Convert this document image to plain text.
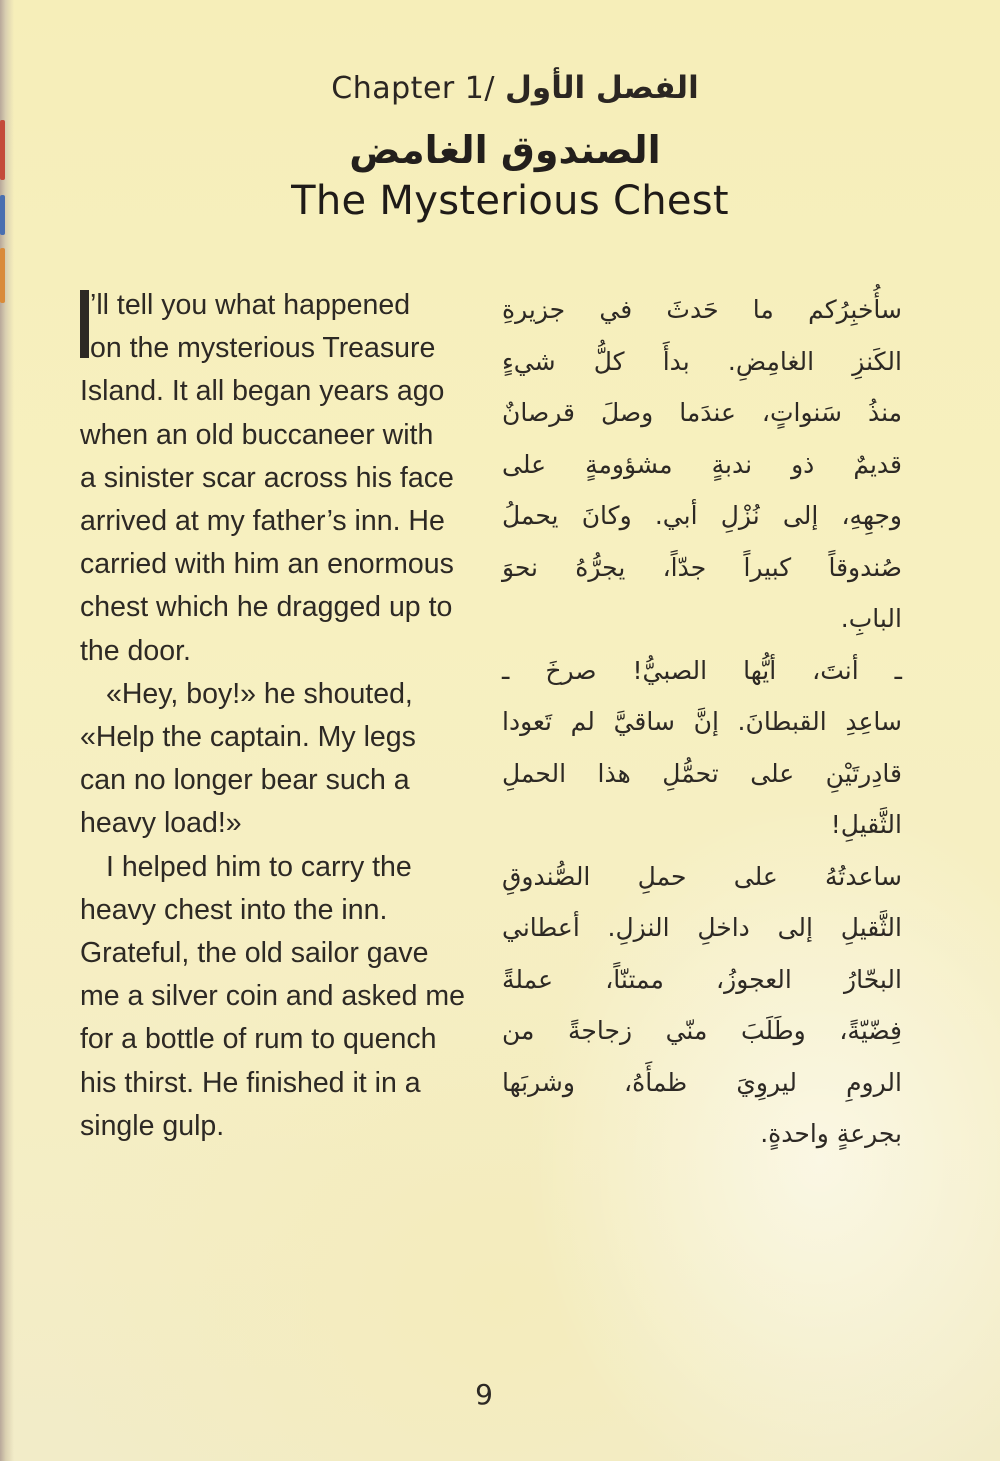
Chapter 1/ الفصل الأول
الصندوق الغامض
The Mysterious Chest
’ll tell you what happened
on the mysterious Treasure
Island. It all began years ago
when an old buccaneer with
a sinister scar across his face
arrived at my father’s inn. He
carried with him an enormous
chest which he dragged up to
the door.
«Hey, boy!» he shouted,
«Help the captain. My legs
can no longer bear such a
heavy load!»
I helped him to carry the
heavy chest into the inn.
Grateful, the old sailor gave
me a silver coin and asked me
for a bottle of rum to quench
his thirst. He finished it in a
single gulp.
سأُخبِرُكم ما حَدثَ في جزيرةِ
الكَنزِ الغامِضِ. بدأَ كلُّ شيءٍ
منذُ سَنواتٍ، عندَما وصلَ قرصانٌ
قديمٌ ذو ندبةٍ مشؤومةٍ على
وجهِهِ، إلى نُزْلِ أبي. وكانَ يحملُ
صُندوقاً كبيراً جدّاً، يجرُّهُ نحوَ
البابِ.
ـ أنتَ، أيُّها الصبيُّ! صرخَ ـ
ساعِدِ القبطانَ. إنَّ ساقيَّ لم تَعودا
قادِرتَيْنِ على تحمُّلِ هذا الحملِ
الثَّقيلِ!
ساعدتُهُ على حملِ الصُّندوقِ
الثَّقيلِ إلى داخلِ النزلِ. أعطاني
البحّارُ العجوزُ، ممتنّاً، عملةً
فِضّيّةً، وطَلَبَ منّي زجاجةً من
الرومِ ليروِيَ ظمأَهُ، وشربَها
بجرعةٍ واحدةٍ.
9
